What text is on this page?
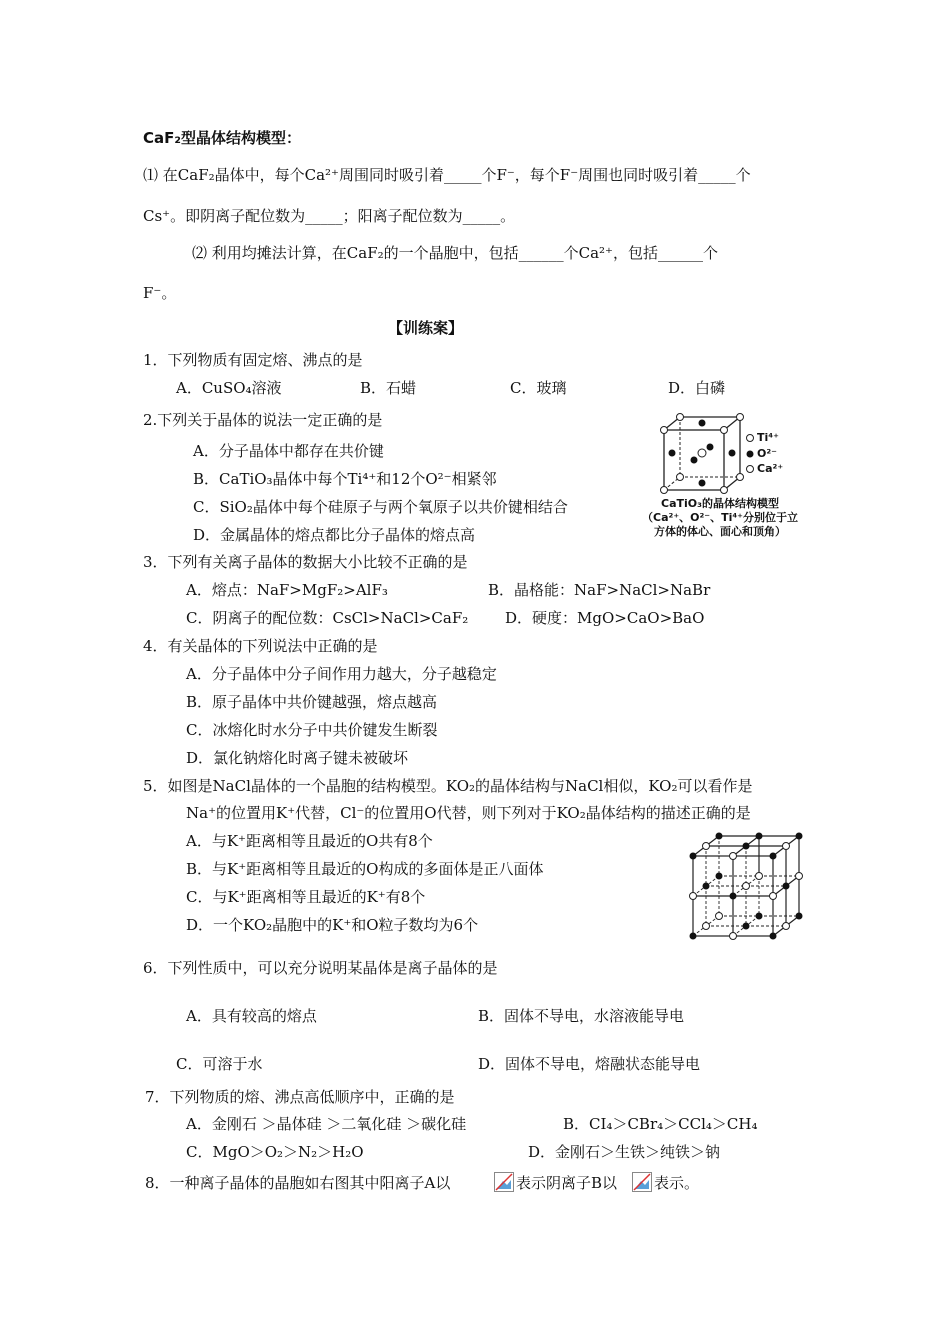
CaF₂型晶体结构模型：
⑴ 在CaF₂晶体中，每个Ca²⁺周围同时吸引着_____个F⁻，每个F⁻周围也同时吸引着_____个
Cs⁺。即阴离子配位数为_____；阳离子配位数为_____。
⑵ 利用均摊法计算，在CaF₂的一个晶胞中，包括______个Ca²⁺，包括______个
F⁻。
【训练案】
1．下列物质有固定熔、沸点的是
A．CuSO₄溶液	B．石蜡	C．玻璃	D．白磷
2.下列关于晶体的说法一定正确的是
A．分子晶体中都存在共价键
B．CaTiO₃晶体中每个Ti⁴⁺和12个O²⁻相紧邻
C．SiO₂晶体中每个硅原子与两个氧原子以共价键相结合
D．金属晶体的熔点都比分子晶体的熔点高
Ti⁴⁺
O²⁻
Ca²⁺
CaTiO₃的晶体结构模型
（Ca²⁺、O²⁻、Ti⁴⁺分别位于立
方体的体心、面心和顶角）
3．下列有关离子晶体的数据大小比较不正确的是
A．熔点：NaF>MgF₂>AlF₃	B．晶格能：NaF>NaCl>NaBr
C．阴离子的配位数：CsCl>NaCl>CaF₂ D．硬度：MgO>CaO>BaO
4．有关晶体的下列说法中正确的是
A．分子晶体中分子间作用力越大，分子越稳定
B．原子晶体中共价键越强，熔点越高
C．冰熔化时水分子中共价键发生断裂
D．氯化钠熔化时离子键未被破坏
5．如图是NaCl晶体的一个晶胞的结构模型。KO₂的晶体结构与NaCl相似，KO₂可以看作是
Na⁺的位置用K⁺代替，Cl⁻的位置用O代替，则下列对于KO₂晶体结构的描述正确的是
A．与K⁺距离相等且最近的O共有8个
B．与K⁺距离相等且最近的O构成的多面体是正八面体
C．与K⁺距离相等且最近的K⁺有8个
D．一个KO₂晶胞中的K⁺和O粒子数均为6个
6．下列性质中，可以充分说明某晶体是离子晶体的是
A．具有较高的熔点	B．固体不导电，水溶液能导电
C．可溶于水	D．固体不导电，熔融状态能导电
7．下列物质的熔、沸点高低顺序中，正确的是
A．金刚石 ＞晶体硅 ＞二氧化硅 ＞碳化硅	B．CI₄＞CBr₄＞CCl₄＞CH₄
C．MgO＞O₂＞N₂＞H₂O	D．金刚石＞生铁＞纯铁＞钠
8．一种离子晶体的晶胞如右图其中阳离子A以	表示阴离子B以 表示。
